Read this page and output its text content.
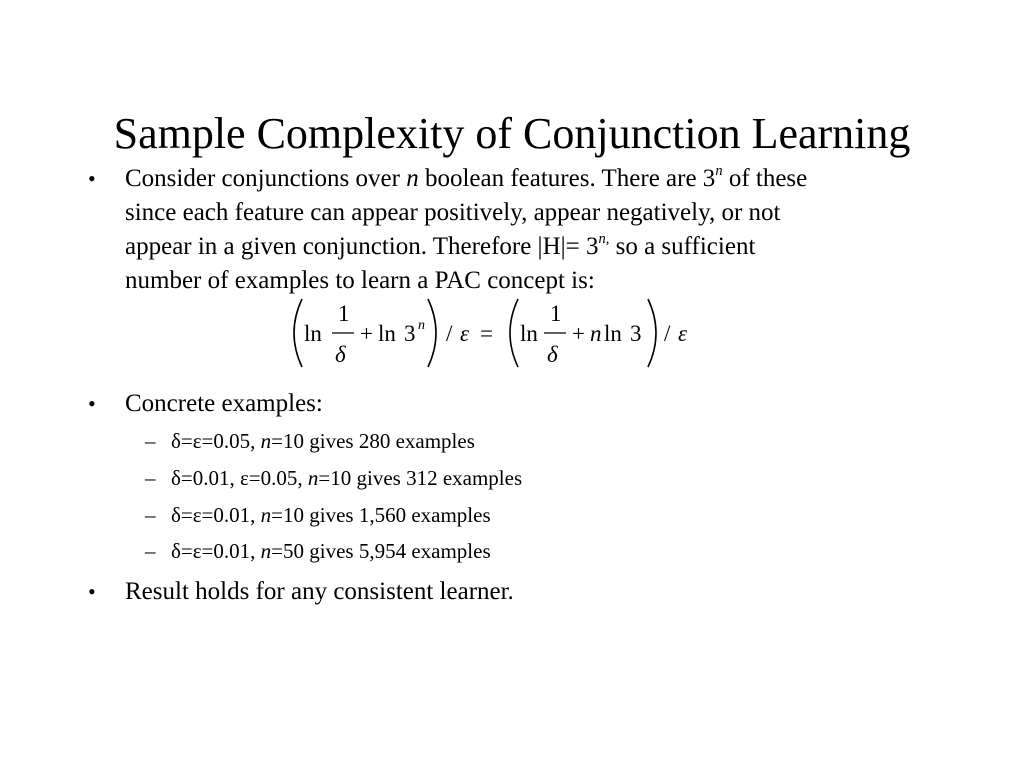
Sample Complexity of Conjunction Learning
• Consider conjunctions over n boolean features. There are 3$^n$ of these
since each feature can appear positively, appear negatively, or not
appear in a given conjunction. Therefore $|H|= 3^{n,}$ so a sufficient
number of examples to learn a PAC concept is:
ln
1
δ
+ ln 3 n / ε = ln
1
δ
+ n ln 3 / ε
• Concrete examples:
– δ=ε=0.05, n=10 gives 280 examples
– δ=0.01, ε=0.05, n=10 gives 312 examples
– δ=ε=0.01, n=10 gives 1,560 examples
– δ=ε=0.01, n=50 gives 5,954 examples
• Result holds for any consistent learner.
